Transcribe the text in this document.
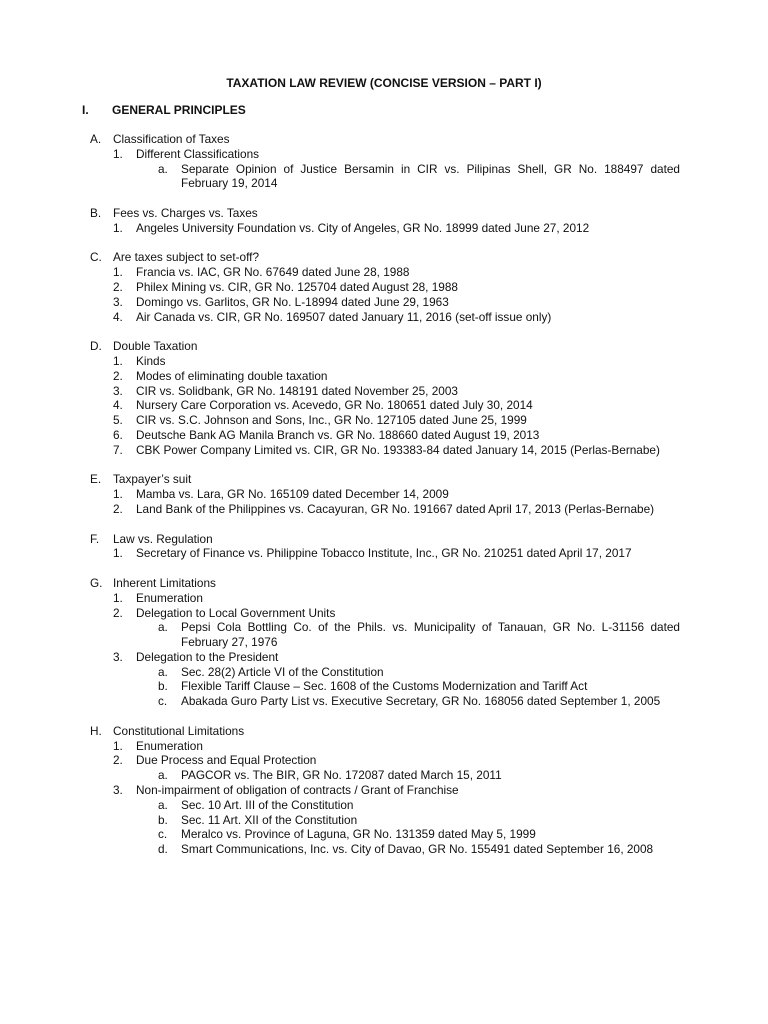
TAXATION LAW REVIEW (CONCISE VERSION – PART I)
I. GENERAL PRINCIPLES
A. Classification of Taxes
1. Different Classifications
a. Separate Opinion of Justice Bersamin in CIR vs. Pilipinas Shell, GR No. 188497 dated February 19, 2014
B. Fees vs. Charges vs. Taxes
1. Angeles University Foundation vs. City of Angeles, GR No. 18999 dated June 27, 2012
C. Are taxes subject to set-off?
1. Francia vs. IAC, GR No. 67649 dated June 28, 1988
2. Philex Mining vs. CIR, GR No. 125704 dated August 28, 1988
3. Domingo vs. Garlitos, GR No. L-18994 dated June 29, 1963
4. Air Canada vs. CIR, GR No. 169507 dated January 11, 2016 (set-off issue only)
D. Double Taxation
1. Kinds
2. Modes of eliminating double taxation
3. CIR vs. Solidbank, GR No. 148191 dated November 25, 2003
4. Nursery Care Corporation vs. Acevedo, GR No. 180651 dated July 30, 2014
5. CIR vs. S.C. Johnson and Sons, Inc., GR No. 127105 dated June 25, 1999
6. Deutsche Bank AG Manila Branch vs. GR No. 188660 dated August 19, 2013
7. CBK Power Company Limited vs. CIR, GR No. 193383-84 dated January 14, 2015 (Perlas-Bernabe)
E. Taxpayer’s suit
1. Mamba vs. Lara, GR No. 165109 dated December 14, 2009
2. Land Bank of the Philippines vs. Cacayuran, GR No. 191667 dated April 17, 2013 (Perlas-Bernabe)
F. Law vs. Regulation
1. Secretary of Finance vs. Philippine Tobacco Institute, Inc., GR No. 210251 dated April 17, 2017
G. Inherent Limitations
1. Enumeration
2. Delegation to Local Government Units
a. Pepsi Cola Bottling Co. of the Phils. vs. Municipality of Tanauan, GR No. L-31156 dated February 27, 1976
3. Delegation to the President
a. Sec. 28(2) Article VI of the Constitution
b. Flexible Tariff Clause – Sec. 1608 of the Customs Modernization and Tariff Act
c. Abakada Guro Party List vs. Executive Secretary, GR No. 168056 dated September 1, 2005
H. Constitutional Limitations
1. Enumeration
2. Due Process and Equal Protection
a. PAGCOR vs. The BIR, GR No. 172087 dated March 15, 2011
3. Non-impairment of obligation of contracts / Grant of Franchise
a. Sec. 10 Art. III of the Constitution
b. Sec. 11 Art. XII of the Constitution
c. Meralco vs. Province of Laguna, GR No. 131359 dated May 5, 1999
d. Smart Communications, Inc. vs. City of Davao, GR No. 155491 dated September 16, 2008
